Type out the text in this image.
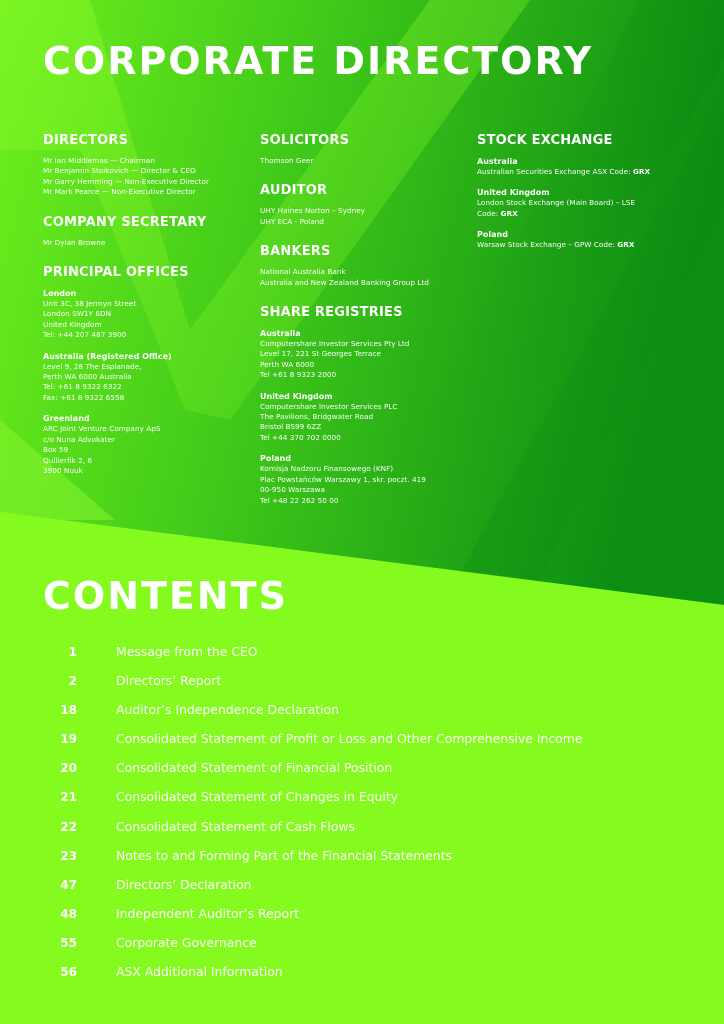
CORPORATE DIRECTORY
DIRECTORS
Mr Ian Middlemas — Chairman
Mr Benjamin Stoikovich — Director & CEO
Mr Garry Hemming — Non-Executive Director
Mr Mark Pearce — Non-Executive Director
COMPANY SECRETARY
Mr Dylan Browne
PRINCIPAL OFFICES
London
Unit 3C, 38 Jermyn Street
London SW1Y 6DN
United Kingdom
Tel: +44 207 487 3900
Australia (Registered Office)
Level 9, 28 The Esplanade,
Perth WA 6000 Australia
Tel: +61 8 9322 6322
Fax: +61 8 9322 6558
Greenland
ARC Joint Venture Company ApS
c/o Nuna Advokater
Box 59
Qullierfik 2, 6
3900 Nuuk
SOLICITORS
Thomson Geer
AUDITOR
UHY Haines Norton – Sydney
UHY ECA - Poland
BANKERS
National Australia Bank
Australia and New Zealand Banking Group Ltd
SHARE REGISTRIES
Australia
Computershare Investor Services Pty Ltd
Level 17, 221 St Georges Terrace
Perth WA 6000
Tel +61 8 9323 2000
United Kingdom
Computershare Investor Services PLC
The Pavilions, Bridgwater Road
Bristol BS99 6ZZ
Tel +44 370 702 0000
Poland
Komisja Nadzoru Finansowego (KNF)
Plac Powstańców Warszawy 1, skr. poczt. 419
00-950 Warszawa
Tel +48 22 262 50 00
STOCK EXCHANGE
Australia
Australian Securities Exchange ASX Code: GRX
United Kingdom
London Stock Exchange (Main Board) – LSE
Code: GRX
Poland
Warsaw Stock Exchange – GPW Code: GRX
CONTENTS
1	Message from the CEO
2	Directors’ Report
18	Auditor’s Independence Declaration
19	Consolidated Statement of Profit or Loss and Other Comprehensive Income
20	Consolidated Statement of Financial Position
21	Consolidated Statement of Changes in Equity
22	Consolidated Statement of Cash Flows
23	Notes to and Forming Part of the Financial Statements
47	Directors’ Declaration
48	Independent Auditor’s Report
55	Corporate Governance
56	ASX Additional Information
